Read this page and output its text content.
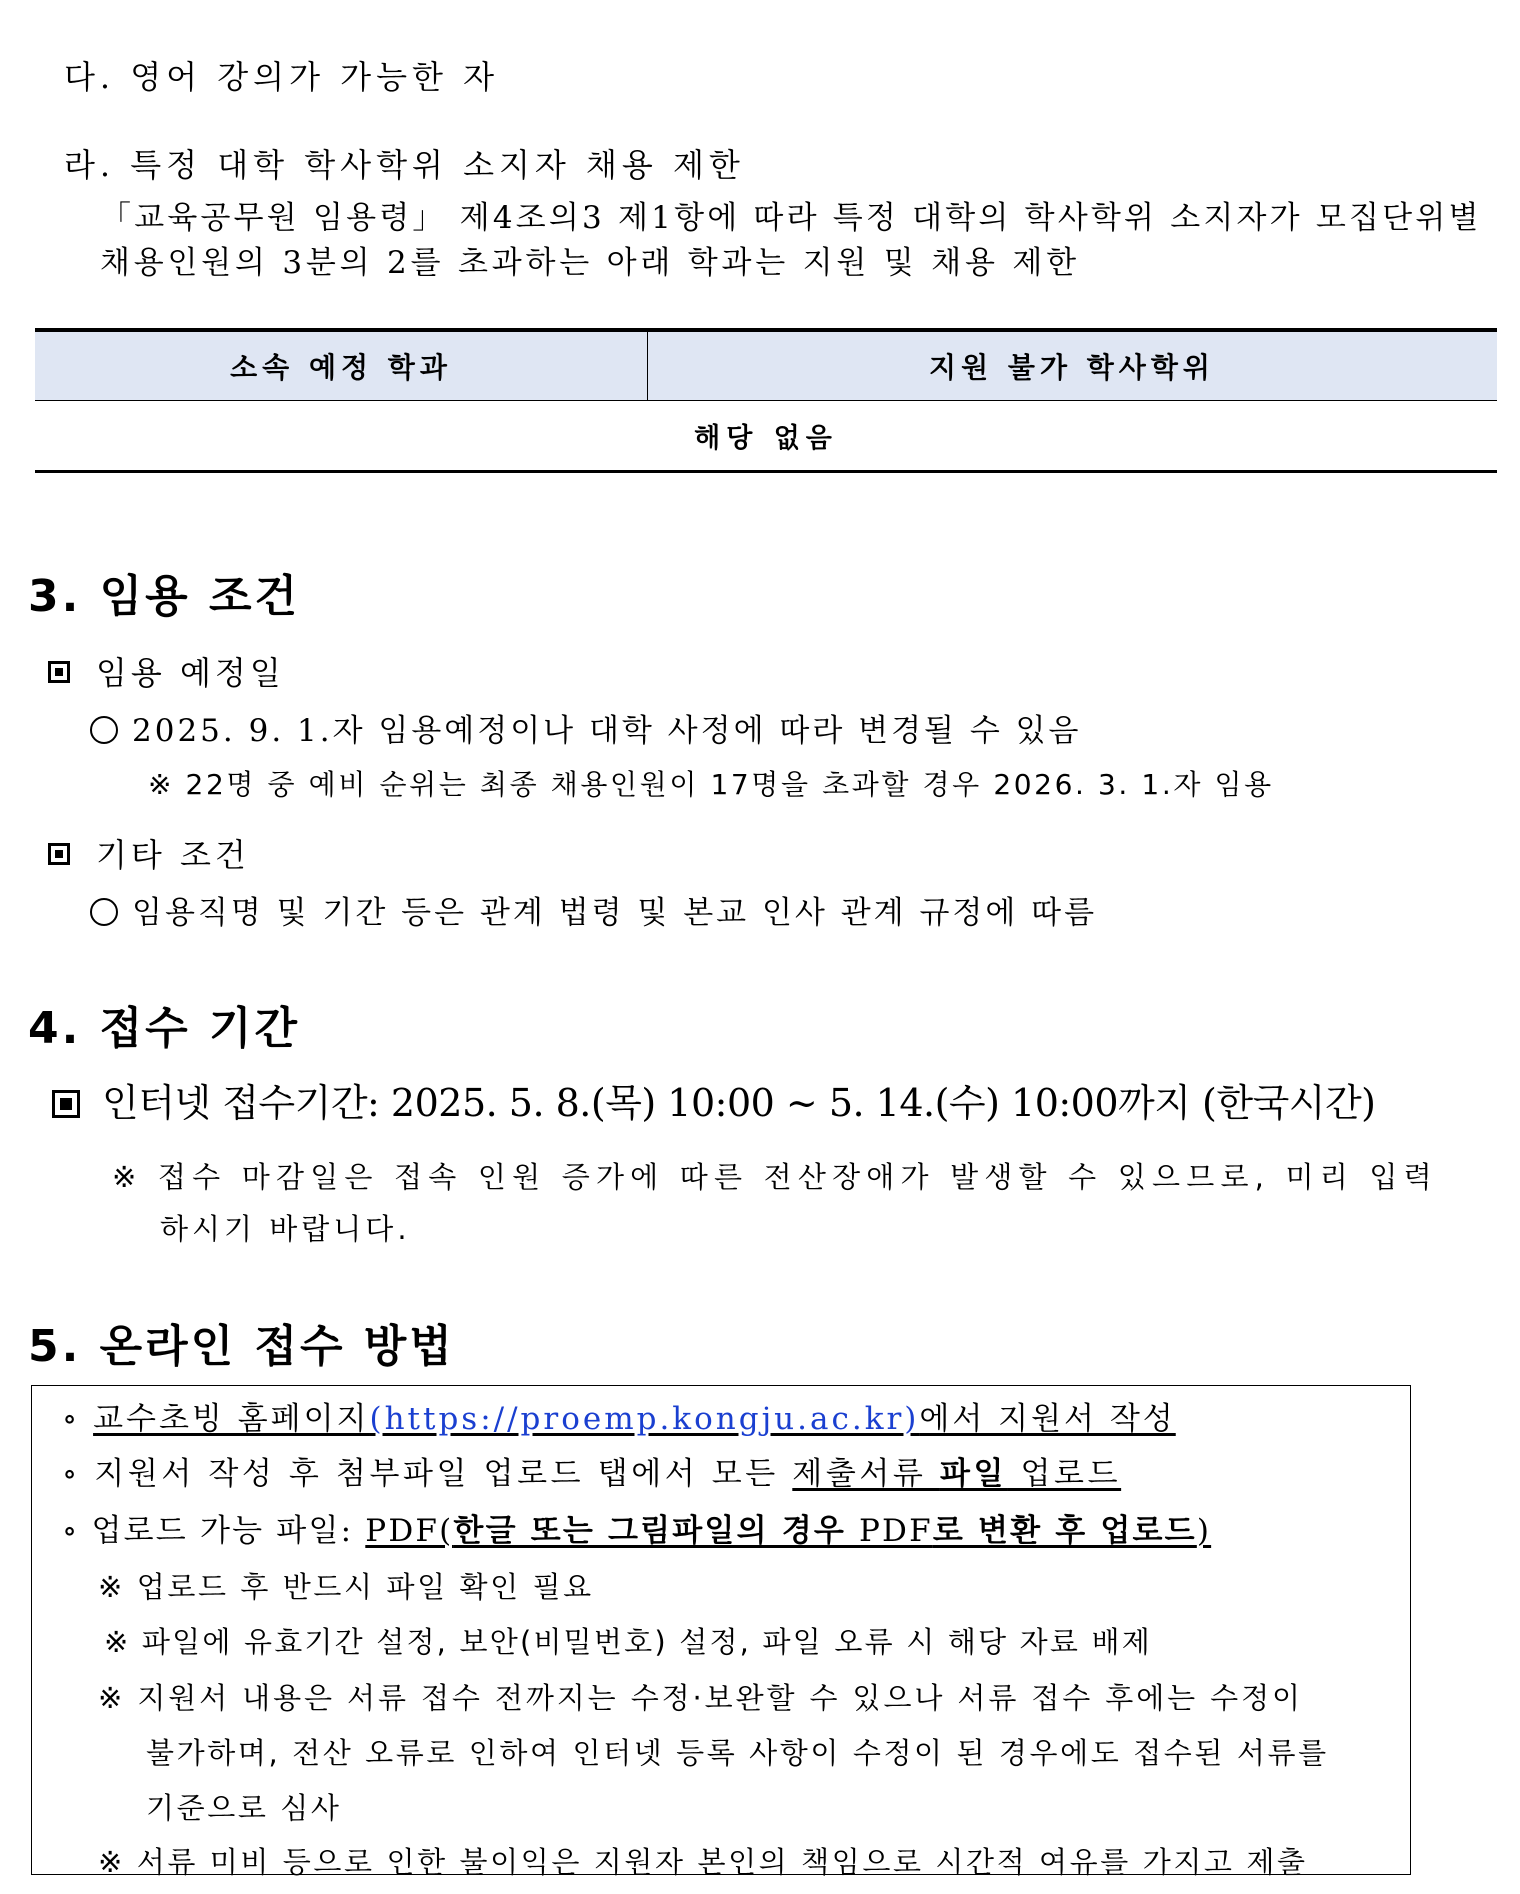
다. 영어 강의가 가능한 자
라. 특정 대학 학사학위 소지자 채용 제한
「교육공무원 임용령」 제4조의3 제1항에 따라 특정 대학의 학사학위 소지자가 모집단위별
채용인원의 3분의 2를 초과하는 아래 학과는 지원 및 채용 제한
소속 예정 학과	지원 불가 학사학위
해당 없음
3. 임용 조건
임용 예정일
2025. 9. 1.자 임용예정이나 대학 사정에 따라 변경될 수 있음
※ 22명 중 예비 순위는 최종 채용인원이 17명을 초과할 경우 2026. 3. 1.자 임용
기타 조건
임용직명 및 기간 등은 관계 법령 및 본교 인사 관계 규정에 따름
4. 접수 기간
인터넷 접수기간: 2025. 5. 8.(목) 10:00 ∼ 5. 14.(수) 10:00까지 (한국시간)
※ 접수 마감일은 접속 인원 증가에 따른 전산장애가 발생할 수 있으므로, 미리 입력
하시기 바랍니다.
5. 온라인 접수 방법
∘ 교수초빙 홈페이지(https://proemp.kongju.ac.kr)에서 지원서 작성
∘ 지원서 작성 후 첨부파일 업로드 탭에서 모든 제출서류 파일 업로드
∘ 업로드 가능 파일: PDF(한글 또는 그림파일의 경우 PDF로 변환 후 업로드)
※ 업로드 후 반드시 파일 확인 필요
※ 파일에 유효기간 설정, 보안(비밀번호) 설정, 파일 오류 시 해당 자료 배제
※ 지원서 내용은 서류 접수 전까지는 수정·보완할 수 있으나 서류 접수 후에는 수정이
불가하며, 전산 오류로 인하여 인터넷 등록 사항이 수정이 된 경우에도 접수된 서류를
기준으로 심사
※ 서류 미비 등으로 인한 불이익은 지원자 본인의 책임으로 시간적 여유를 가지고 제출
